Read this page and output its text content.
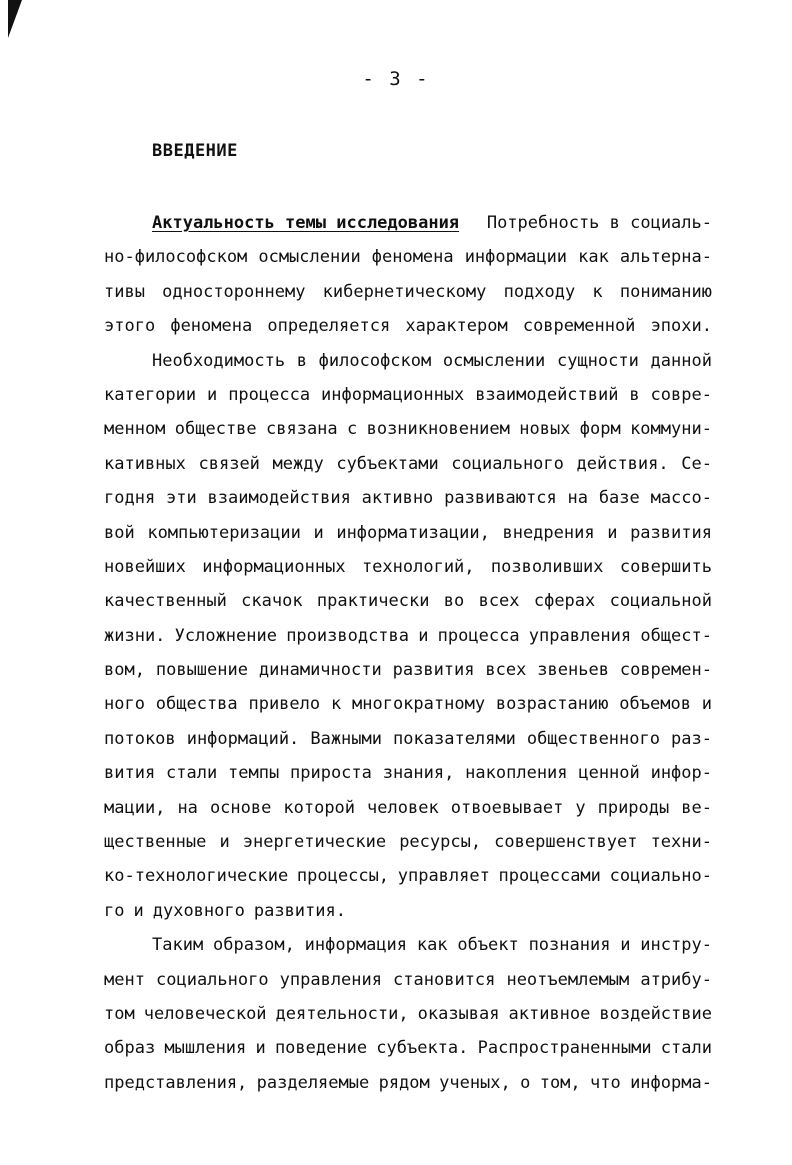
- 3 -
ВВЕДЕНИЕ
Актуальность темы исследования Потребность в социаль-
но-философском осмыслении феномена информации как альтерна-
тивы одностороннему кибернетическому подходу к пониманию
этого феномена определяется характером современной эпохи.
Необходимость в философском осмыслении сущности данной
категории и процесса информационных взаимодействий в совре-
менном обществе связана с возникновением новых форм коммуни-
кативных связей между субъектами социального действия. Се-
годня эти взаимодействия активно развиваются на базе массо-
вой компьютеризации и информатизации, внедрения и развития
новейших информационных технологий, позволивших совершить
качественный скачок практически во всех сферах социальной
жизни. Усложнение производства и процесса управления общест-
вом, повышение динамичности развития всех звеньев современ-
ного общества привело к многократному возрастанию объемов и
потоков информаций. Важными показателями общественного раз-
вития стали темпы прироста знания, накопления ценной инфор-
мации, на основе которой человек отвоевывает у природы ве-
щественные и энергетические ресурсы, совершенствует техни-
ко-технологические процессы, управляет процессами социально-
го и духовного развития.
Таким образом, информация как объект познания и инстру-
мент социального управления становится неотъемлемым атрибу-
том человеческой деятельности, оказывая активное воздействие
образ мышления и поведение субъекта. Распространенными стали
представления, разделяемые рядом ученых, о том, что информа-
